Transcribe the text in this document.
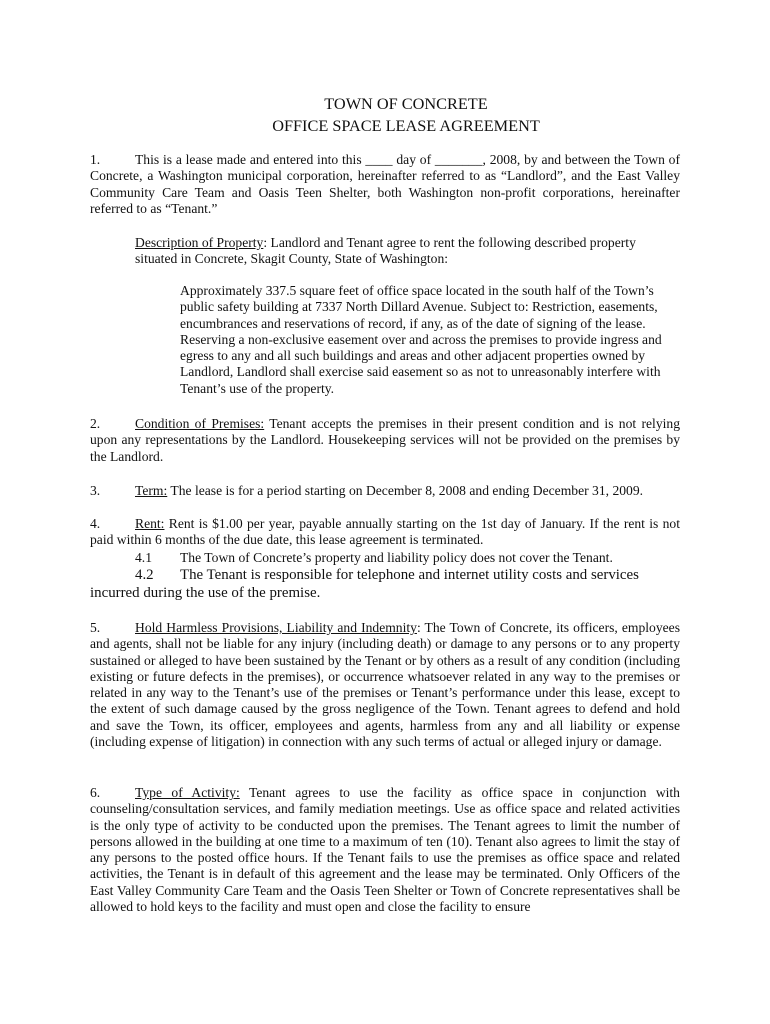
TOWN OF CONCRETE
OFFICE SPACE LEASE AGREEMENT
1.	This is a lease made and entered into this ____ day of _______, 2008, by and between the Town of Concrete, a Washington municipal corporation, hereinafter referred to as “Landlord”, and the East Valley Community Care Team and Oasis Teen Shelter, both Washington non-profit corporations, hereinafter referred to as “Tenant.”
Description of Property: Landlord and Tenant agree to rent the following described property situated in Concrete, Skagit County, State of Washington:
Approximately 337.5 square feet of office space located in the south half of the Town’s public safety building at 7337 North Dillard Avenue. Subject to: Restriction, easements, encumbrances and reservations of record, if any, as of the date of signing of the lease. Reserving a non-exclusive easement over and across the premises to provide ingress and egress to any and all such buildings and areas and other adjacent properties owned by Landlord, Landlord shall exercise said easement so as not to unreasonably interfere with Tenant’s use of the property.
2.	Condition of Premises: Tenant accepts the premises in their present condition and is not relying upon any representations by the Landlord. Housekeeping services will not be provided on the premises by the Landlord.
3.	Term: The lease is for a period starting on December 8, 2008 and ending December 31, 2009.
4.	Rent: Rent is $1.00 per year, payable annually starting on the 1st day of January. If the rent is not paid within 6 months of the due date, this lease agreement is terminated.
4.1 The Town of Concrete’s property and liability policy does not cover the Tenant.
4.2 The Tenant is responsible for telephone and internet utility costs and services incurred during the use of the premise.
5.	Hold Harmless Provisions, Liability and Indemnity: The Town of Concrete, its officers, employees and agents, shall not be liable for any injury (including death) or damage to any persons or to any property sustained or alleged to have been sustained by the Tenant or by others as a result of any condition (including existing or future defects in the premises), or occurrence whatsoever related in any way to the premises or related in any way to the Tenant’s use of the premises or Tenant’s performance under this lease, except to the extent of such damage caused by the gross negligence of the Town. Tenant agrees to defend and hold and save the Town, its officer, employees and agents, harmless from any and all liability or expense (including expense of litigation) in connection with any such terms of actual or alleged injury or damage.
6.	Type of Activity: Tenant agrees to use the facility as office space in conjunction with counseling/consultation services, and family mediation meetings. Use as office space and related activities is the only type of activity to be conducted upon the premises. The Tenant agrees to limit the number of persons allowed in the building at one time to a maximum of ten (10). Tenant also agrees to limit the stay of any persons to the posted office hours. If the Tenant fails to use the premises as office space and related activities, the Tenant is in default of this agreement and the lease may be terminated. Only Officers of the East Valley Community Care Team and the Oasis Teen Shelter or Town of Concrete representatives shall be allowed to hold keys to the facility and must open and close the facility to ensure
